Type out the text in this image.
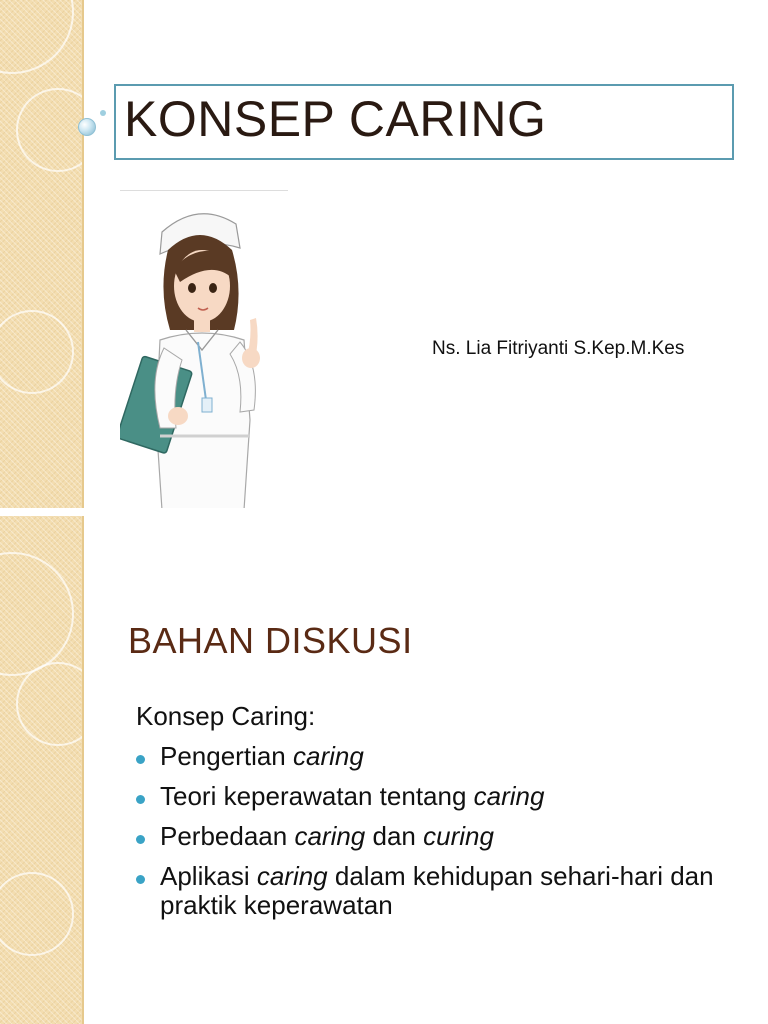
KONSEP CARING
Ns. Lia Fitriyanti S.Kep.M.Kes
BAHAN DISKUSI
Konsep Caring:
Pengertian caring
Teori keperawatan tentang caring
Perbedaan caring dan curing
Aplikasi caring dalam kehidupan sehari-hari dan praktik keperawatan
